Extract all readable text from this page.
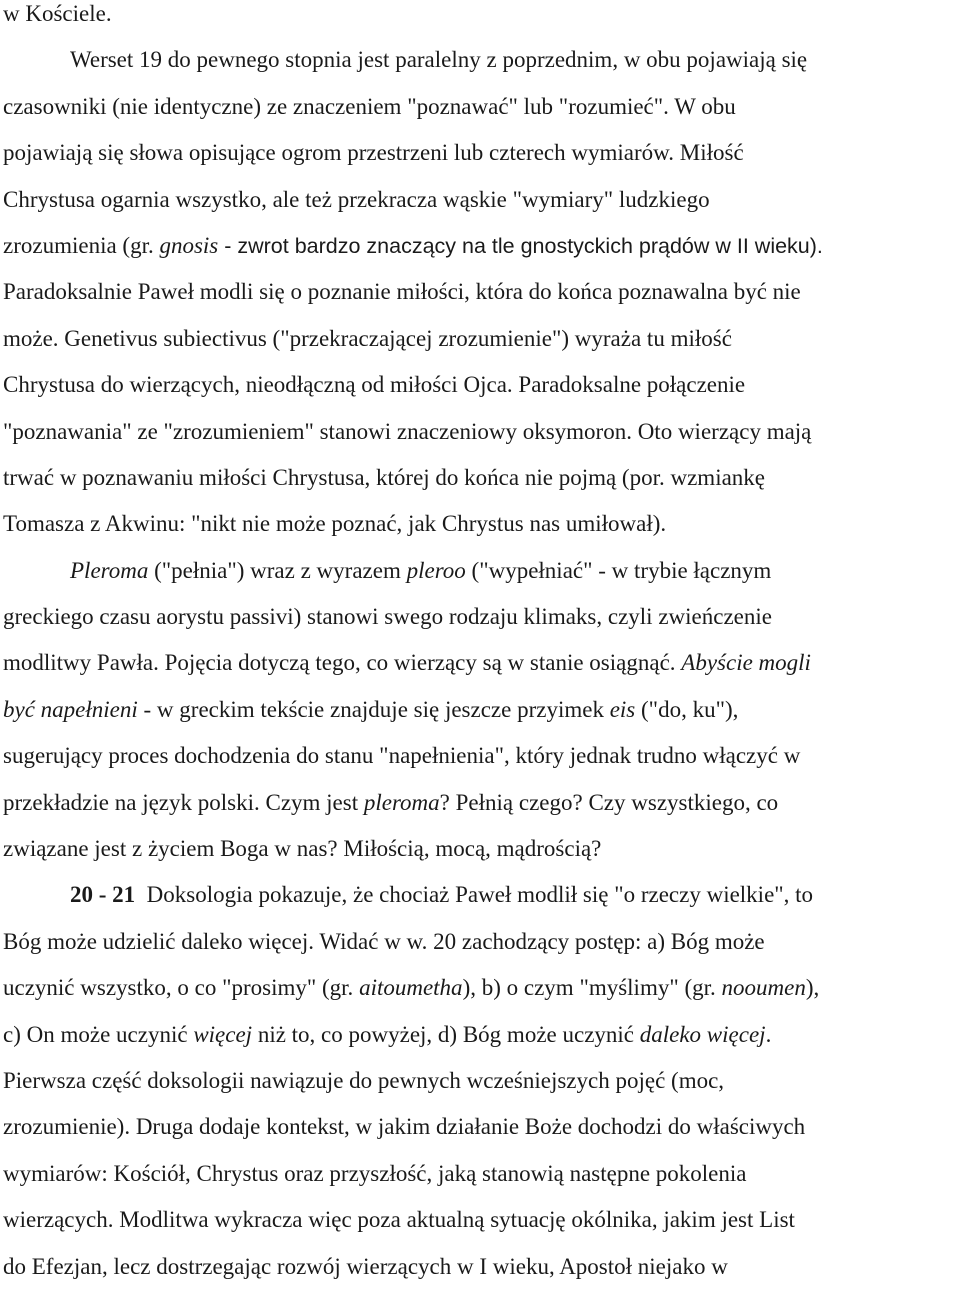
w Kościele.
Werset 19 do pewnego stopnia jest paralelny z poprzednim, w obu pojawiają się
czasowniki (nie identyczne) ze znaczeniem "poznawać" lub "rozumieć". W obu
pojawiają się słowa opisujące ogrom przestrzeni lub czterech wymiarów. Miłość
Chrystusa ogarnia wszystko, ale też przekracza wąskie "wymiary" ludzkiego
zrozumienia (gr. gnosis - zwrot bardzo znaczący na tle gnostyckich prądów w II wieku).
Paradoksalnie Paweł modli się o poznanie miłości, która do końca poznawalna być nie
może. Genetivus subiectivus ("przekraczającej zrozumienie") wyraża tu miłość
Chrystusa do wierzących, nieodłączną od miłości Ojca. Paradoksalne połączenie
"poznawania" ze "zrozumieniem" stanowi znaczeniowy oksymoron. Oto wierzący mają
trwać w poznawaniu miłości Chrystusa, której do końca nie pojmą (por. wzmiankę
Tomasza z Akwinu: "nikt nie może poznać, jak Chrystus nas umiłował).
Pleroma ("pełnia") wraz z wyrazem pleroo ("wypełniać" - w trybie łącznym
greckiego czasu aorystu passivi) stanowi swego rodzaju klimaks, czyli zwieńczenie
modlitwy Pawła. Pojęcia dotyczą tego, co wierzący są w stanie osiągnąć. Abyście mogli
być napełnieni - w greckim tekście znajduje się jeszcze przyimek eis ("do, ku"),
sugerujący proces dochodzenia do stanu "napełnienia", który jednak trudno włączyć w
przekładzie na język polski. Czym jest pleroma? Pełnią czego? Czy wszystkiego, co
związane jest z życiem Boga w nas? Miłością, mocą, mądrością?
20 - 21  Doksologia pokazuje, że chociaż Paweł modlił się "o rzeczy wielkie", to
Bóg może udzielić daleko więcej. Widać w w. 20 zachodzący postęp: a) Bóg może
uczynić wszystko, o co "prosimy" (gr. aitoumetha), b) o czym "myślimy" (gr. nooumen),
c) On może uczynić więcej niż to, co powyżej, d) Bóg może uczynić daleko więcej.
Pierwsza część doksologii nawiązuje do pewnych wcześniejszych pojęć (moc,
zrozumienie). Druga dodaje kontekst, w jakim działanie Boże dochodzi do właściwych
wymiarów: Kościół, Chrystus oraz przyszłość, jaką stanowią następne pokolenia
wierzących. Modlitwa wykracza więc poza aktualną sytuację okólnika, jakim jest List
do Efezjan, lecz dostrzegając rozwój wierzących w I wieku, Apostoł niejako w
